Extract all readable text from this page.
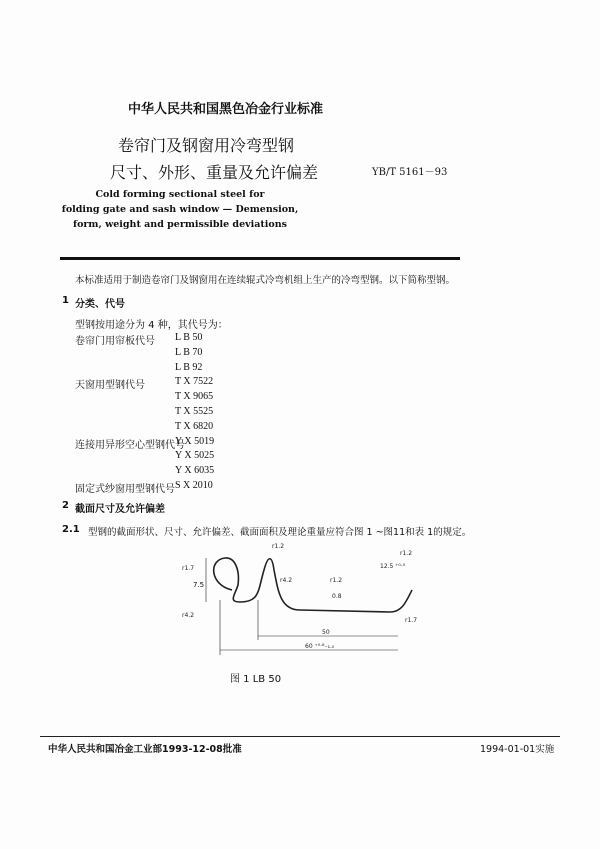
中华人民共和国黑色冶金行业标准
卷帘门及钢窗用冷弯型钢
尺寸、外形、重量及允许偏差	YB/T 5161－93
Cold forming sectional steel for
folding gate and sash window — Demension,
form, weight and permissible deviations
本标准适用于制造卷帘门及钢窗用在连续辊式冷弯机组上生产的冷弯型钢。以下简称型钢。
1 分类、代号
型钢按用途分为 4 种，其代号为：
卷帘门用帘板代号 L B 50
L B 70
L B 92
天窗用型钢代号	T X 7522
T X 9065
T X 5525
T X 6820
连接用异形空心型钢代号
Y X 5019
Y X 5025
Y X 6035
固定式纱窗用型钢代号 S X 2010
2 截面尺寸及允许偏差
2.1 型钢的截面形状、尺寸、允许偏差、截面面积及理论重量应符合图 1 ~图11和表 1的规定。
r1.7
r1.2
r4.2
r4.2
r1.2
r1.2
r1.7
7.5
0.8
12.5 ⁺⁰·⁵
50
60 ⁺⁰·⁸₋₁.₀
图 1 LB 50
中华人民共和国冶金工业部1993-12-08批准	1994-01-01实施
